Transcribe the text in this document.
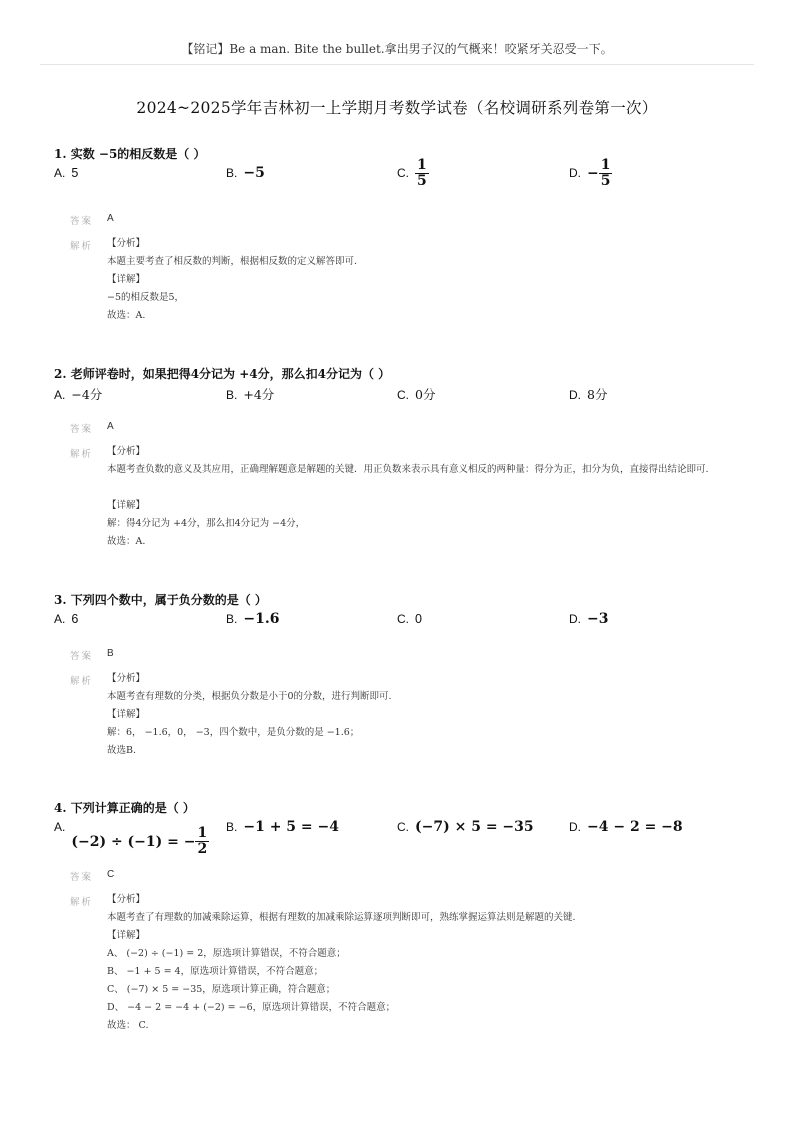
【铭记】Be a man. Bite the bullet.拿出男子汉的气概来！咬紧牙关忍受一下。
2024~2025学年吉林初一上学期月考数学试卷（名校调研系列卷第一次）
1. 实数 −5的相反数是（ ）
A. 5	B. −5	C. $\frac{1}{5}$	D. − $\frac{1}{5}$
答案 A
解析 【分析】
本题主要考查了相反数的判断，根据相反数的定义解答即可.
【详解】
−5的相反数是5，
故选：A.
2. 老师评卷时，如果把得4分记为 +4分，那么扣4分记为（ ）
A. −4分	B. +4分	C. 0分	D. 8分
答案 A
解析 【分析】
本题考查负数的意义及其应用，正确理解题意是解题的关键．用正负数来表示具有意义相反的两种量：得分为正，扣分为负，直接得出结论即可.
【详解】
解：得4分记为 +4分，那么扣4分记为 −4分，
故选：A.
3. 下列四个数中，属于负分数的是（ ）
A. 6	B. −1.6	C. 0	D. −3
答案 B
解析 【分析】
本题考查有理数的分类，根据负分数是小于0的分数，进行判断即可.
【详解】
解：6， −1.6，0， −3，四个数中，是负分数的是 −1.6；
故选B.
4. 下列计算正确的是（ ）
A.(−2) ÷ (−1) = − $\frac{1}{2} B$. −1 + 5 = −4	C. (−7) × 5 = −35	D. −4 − 2 = −8
答案 C
解析 【分析】
本题考查了有理数的加减乘除运算，根据有理数的加减乘除运算逐项判断即可，熟练掌握运算法则是解题的关键.
【详解】
A、 (−2) ÷ (−1) = 2，原选项计算错误，不符合题意；
B、 −1 + 5 = 4，原选项计算错误，不符合题意；
C、 (−7) × 5 = −35，原选项计算正确，符合题意；
D、 −4 − 2 = −4 + (−2) = −6，原选项计算错误，不符合题意；
故选： C.
